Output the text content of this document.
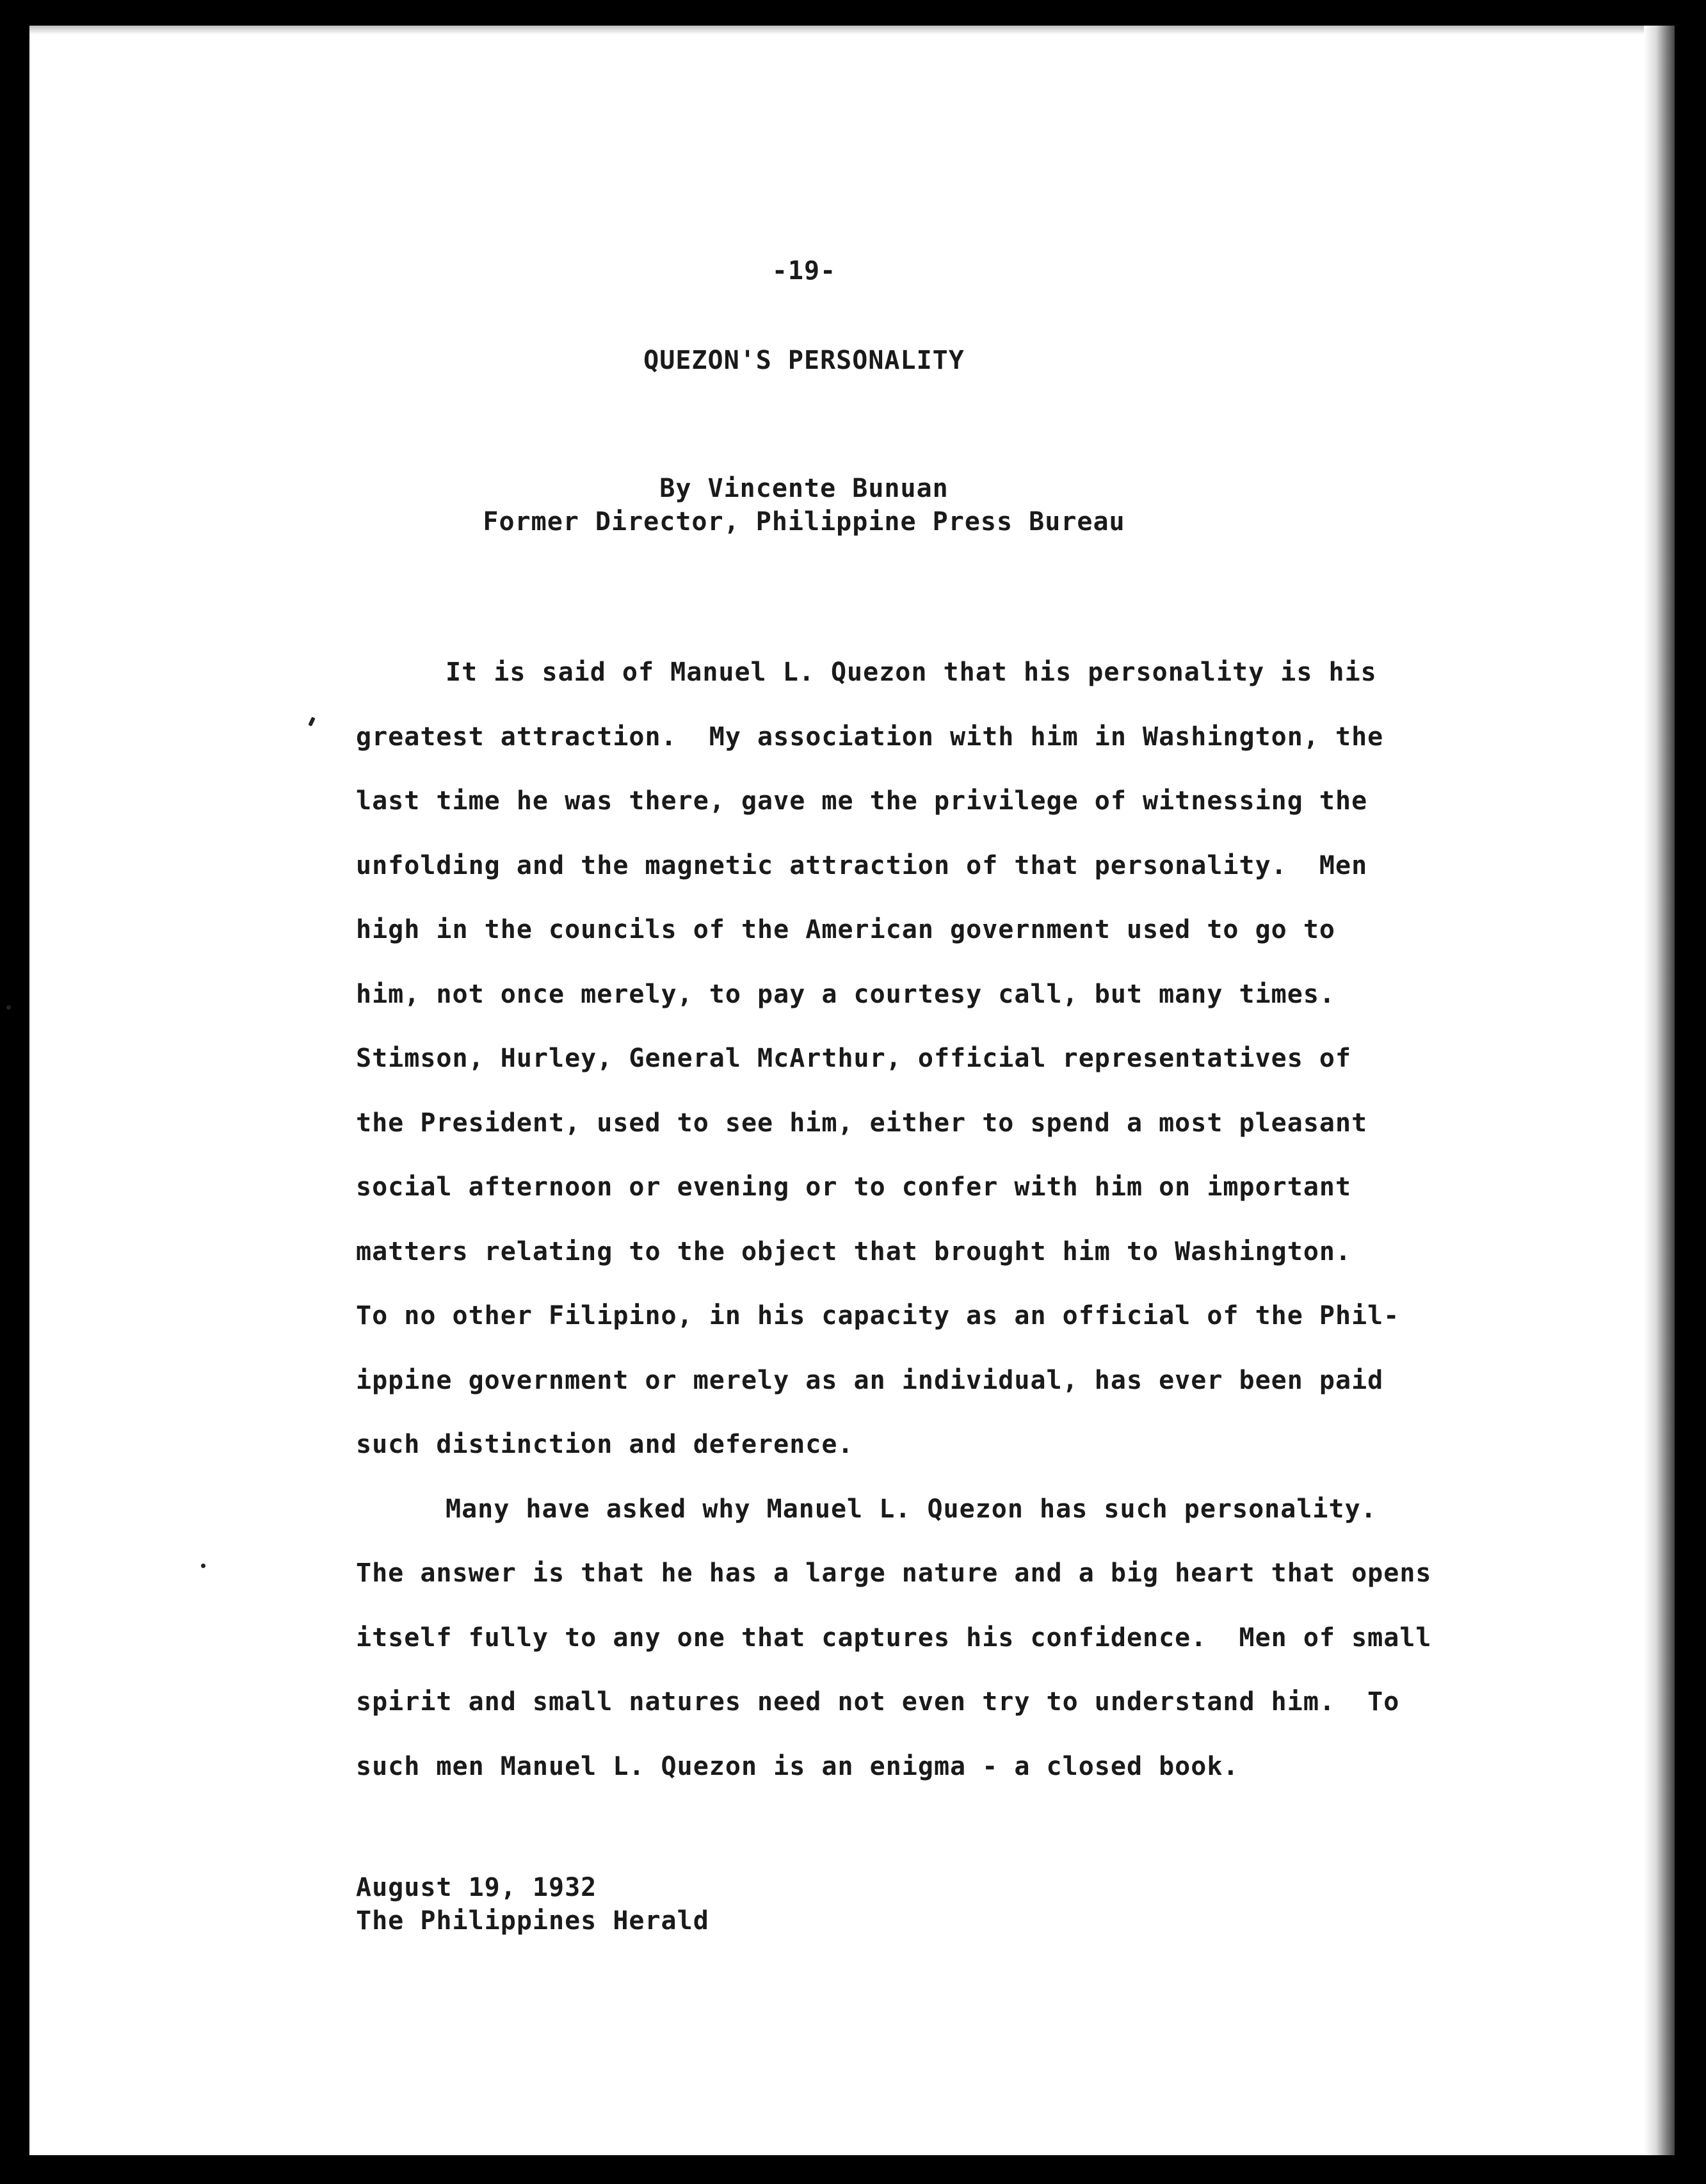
-19-
QUEZON'S PERSONALITY
By Vincente Bunuan
Former Director, Philippine Press Bureau
It is said of Manuel L. Quezon that his personality is his
greatest attraction.  My association with him in Washington, the
last time he was there, gave me the privilege of witnessing the
unfolding and the magnetic attraction of that personality.  Men
high in the councils of the American government used to go to
him, not once merely, to pay a courtesy call, but many times.
Stimson, Hurley, General McArthur, official representatives of
the President, used to see him, either to spend a most pleasant
social afternoon or evening or to confer with him on important
matters relating to the object that brought him to Washington.
To no other Filipino, in his capacity as an official of the Phil-
ippine government or merely as an individual, has ever been paid
such distinction and deference.
Many have asked why Manuel L. Quezon has such personality.
The answer is that he has a large nature and a big heart that opens
itself fully to any one that captures his confidence.  Men of small
spirit and small natures need not even try to understand him.  To
such men Manuel L. Quezon is an enigma - a closed book.
August 19, 1932
The Philippines Herald
